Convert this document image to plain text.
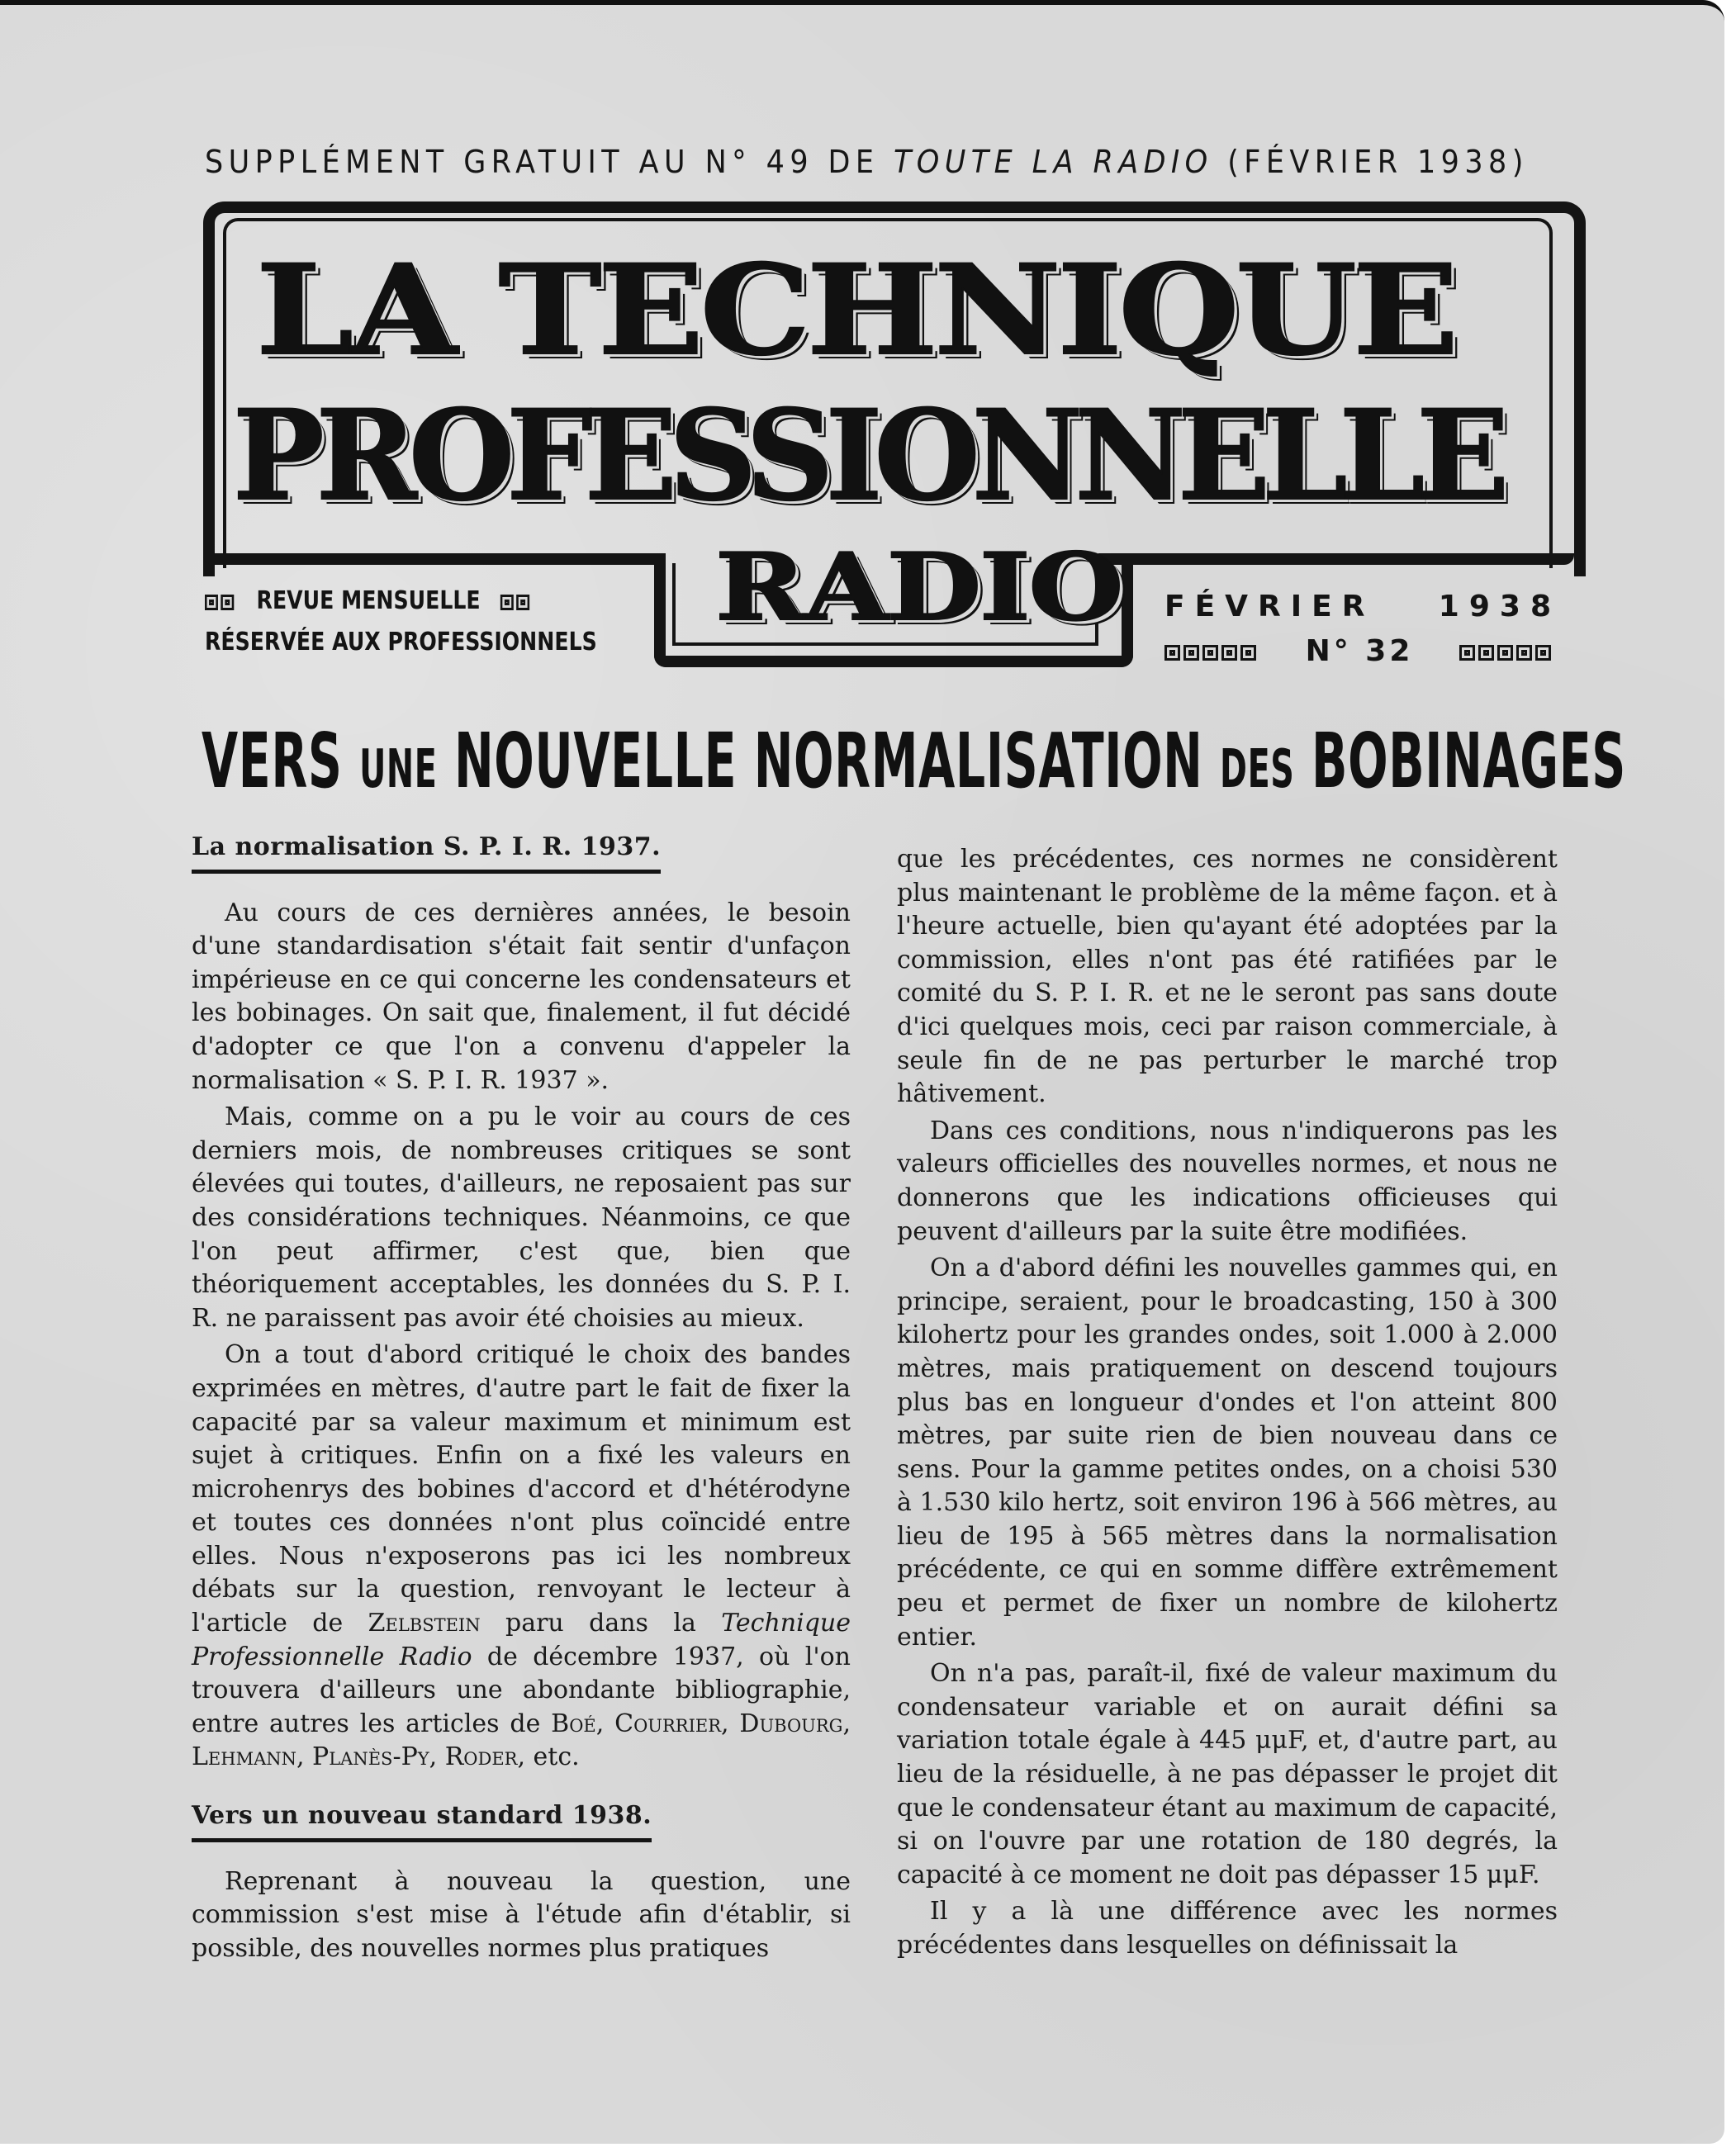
SUPPLÉMENT GRATUIT AU N° 49 DE TOUTE LA RADIO (FÉVRIER 1938)
LA TECHNIQUE
PROFESSIONNELLE
RADIO
REVUE MENSUELLE
RÉSERVÉE AUX PROFESSIONNELS
FÉVRIER 1938
N° 32
VERS UNE NOUVELLE NORMALISATION DES BOBINAGES
La normalisation S. P. I. R. 1937.

Au cours de ces dernières années, le besoin d'une standardisation s'était fait sentir d'unfaçon impérieuse en ce qui concerne les condensateurs et les bobinages. On sait que, finalement, il fut décidé d'adopter ce que l'on a convenu d'appeler la normalisation « S. P. I. R. 1937 ».

Mais, comme on a pu le voir au cours de ces derniers mois, de nombreuses critiques se sont élevées qui toutes, d'ailleurs, ne reposaient pas sur des considérations techniques. Néanmoins, ce que l'on peut affirmer, c'est que, bien que théoriquement acceptables, les données du S. P. I. R. ne paraissent pas avoir été choisies au mieux.

On a tout d'abord critiqué le choix des bandes exprimées en mètres, d'autre part le fait de fixer la capacité par sa valeur maximum et minimum est sujet à critiques. Enfin on a fixé les valeurs en microhenrys des bobines d'accord et d'hétérodyne et toutes ces données n'ont plus coïncidé entre elles. Nous n'exposerons pas ici les nombreux débats sur la question, renvoyant le lecteur à l'article de Zelbstein paru dans la Technique Professionnelle Radio de décembre 1937, où l'on trouvera d'ailleurs une abondante bibliographie, entre autres les articles de Boé, Courrier, Dubourg, Lehmann, Planès-Py, Roder, etc.

Vers un nouveau standard 1938.

Reprenant à nouveau la question, une commission s'est mise à l'étude afin d'établir, si possible, des nouvelles normes plus pratiques

que les précédentes, ces normes ne considèrent plus maintenant le problème de la même façon. et à l'heure actuelle, bien qu'ayant été adoptées par la commission, elles n'ont pas été ratifiées par le comité du S. P. I. R. et ne le seront pas sans doute d'ici quelques mois, ceci par raison commerciale, à seule fin de ne pas perturber le marché trop hâtivement.

Dans ces conditions, nous n'indiquerons pas les valeurs officielles des nouvelles normes, et nous ne donnerons que les indications officieuses qui peuvent d'ailleurs par la suite être modifiées.

On a d'abord défini les nouvelles gammes qui, en principe, seraient, pour le broadcasting, 150 à 300 kilohertz pour les grandes ondes, soit 1.000 à 2.000 mètres, mais pratiquement on descend toujours plus bas en longueur d'ondes et l'on atteint 800 mètres, par suite rien de bien nouveau dans ce sens. Pour la gamme petites ondes, on a choisi 530 à 1.530 kilo hertz, soit environ 196 à 566 mètres, au lieu de 195 à 565 mètres dans la normalisation précédente, ce qui en somme diffère extrêmement peu et permet de fixer un nombre de kilohertz entier.

On n'a pas, paraît-il, fixé de valeur maximum du condensateur variable et on aurait défini sa variation totale égale à 445 μμF, et, d'autre part, au lieu de la résiduelle, à ne pas dépasser le projet dit que le condensateur étant au maximum de capacité, si on l'ouvre par une rotation de 180 degrés, la capacité à ce moment ne doit pas dépasser 15 μμF.

Il y a là une différence avec les normes précédentes dans lesquelles on définissait la
